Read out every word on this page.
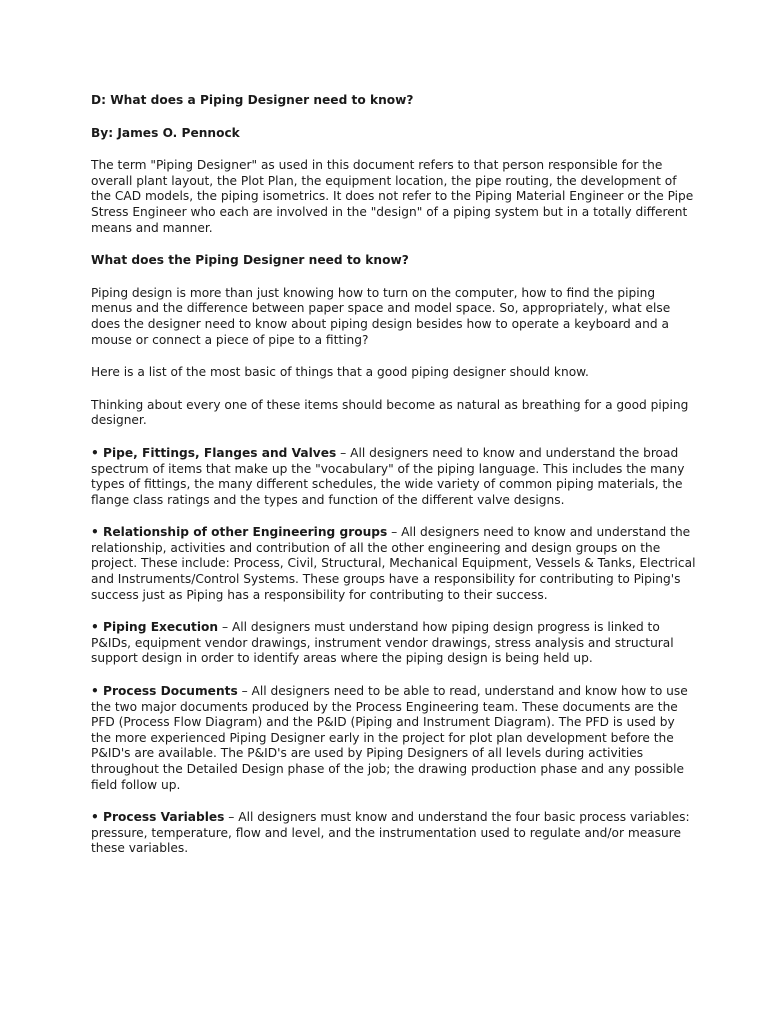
D: What does a Piping Designer need to know?

By: James O. Pennock

The term "Piping Designer" as used in this document refers to that person responsible for the overall plant layout, the Plot Plan, the equipment location, the pipe routing, the development of the CAD models, the piping isometrics. It does not refer to the Piping Material Engineer or the Pipe Stress Engineer who each are involved in the "design" of a piping system but in a totally different means and manner.

What does the Piping Designer need to know?

Piping design is more than just knowing how to turn on the computer, how to find the piping menus and the difference between paper space and model space. So, appropriately, what else does the designer need to know about piping design besides how to operate a keyboard and a mouse or connect a piece of pipe to a fitting?

Here is a list of the most basic of things that a good piping designer should know.

Thinking about every one of these items should become as natural as breathing for a good piping designer.

• Pipe, Fittings, Flanges and Valves – All designers need to know and understand the broad spectrum of items that make up the "vocabulary" of the piping language. This includes the many types of fittings, the many different schedules, the wide variety of common piping materials, the flange class ratings and the types and function of the different valve designs.

• Relationship of other Engineering groups – All designers need to know and understand the relationship, activities and contribution of all the other engineering and design groups on the project. These include: Process, Civil, Structural, Mechanical Equipment, Vessels & Tanks, Electrical and Instruments/Control Systems. These groups have a responsibility for contributing to Piping's success just as Piping has a responsibility for contributing to their success.

• Piping Execution – All designers must understand how piping design progress is linked to P&IDs, equipment vendor drawings, instrument vendor drawings, stress analysis and structural support design in order to identify areas where the piping design is being held up.

• Process Documents – All designers need to be able to read, understand and know how to use the two major documents produced by the Process Engineering team. These documents are the PFD (Process Flow Diagram) and the P&ID (Piping and Instrument Diagram). The PFD is used by the more experienced Piping Designer early in the project for plot plan development before the P&ID's are available. The P&ID's are used by Piping Designers of all levels during activities throughout the Detailed Design phase of the job; the drawing production phase and any possible field follow up.

• Process Variables – All designers must know and understand the four basic process variables: pressure, temperature, flow and level, and the instrumentation used to regulate and/or measure these variables.
